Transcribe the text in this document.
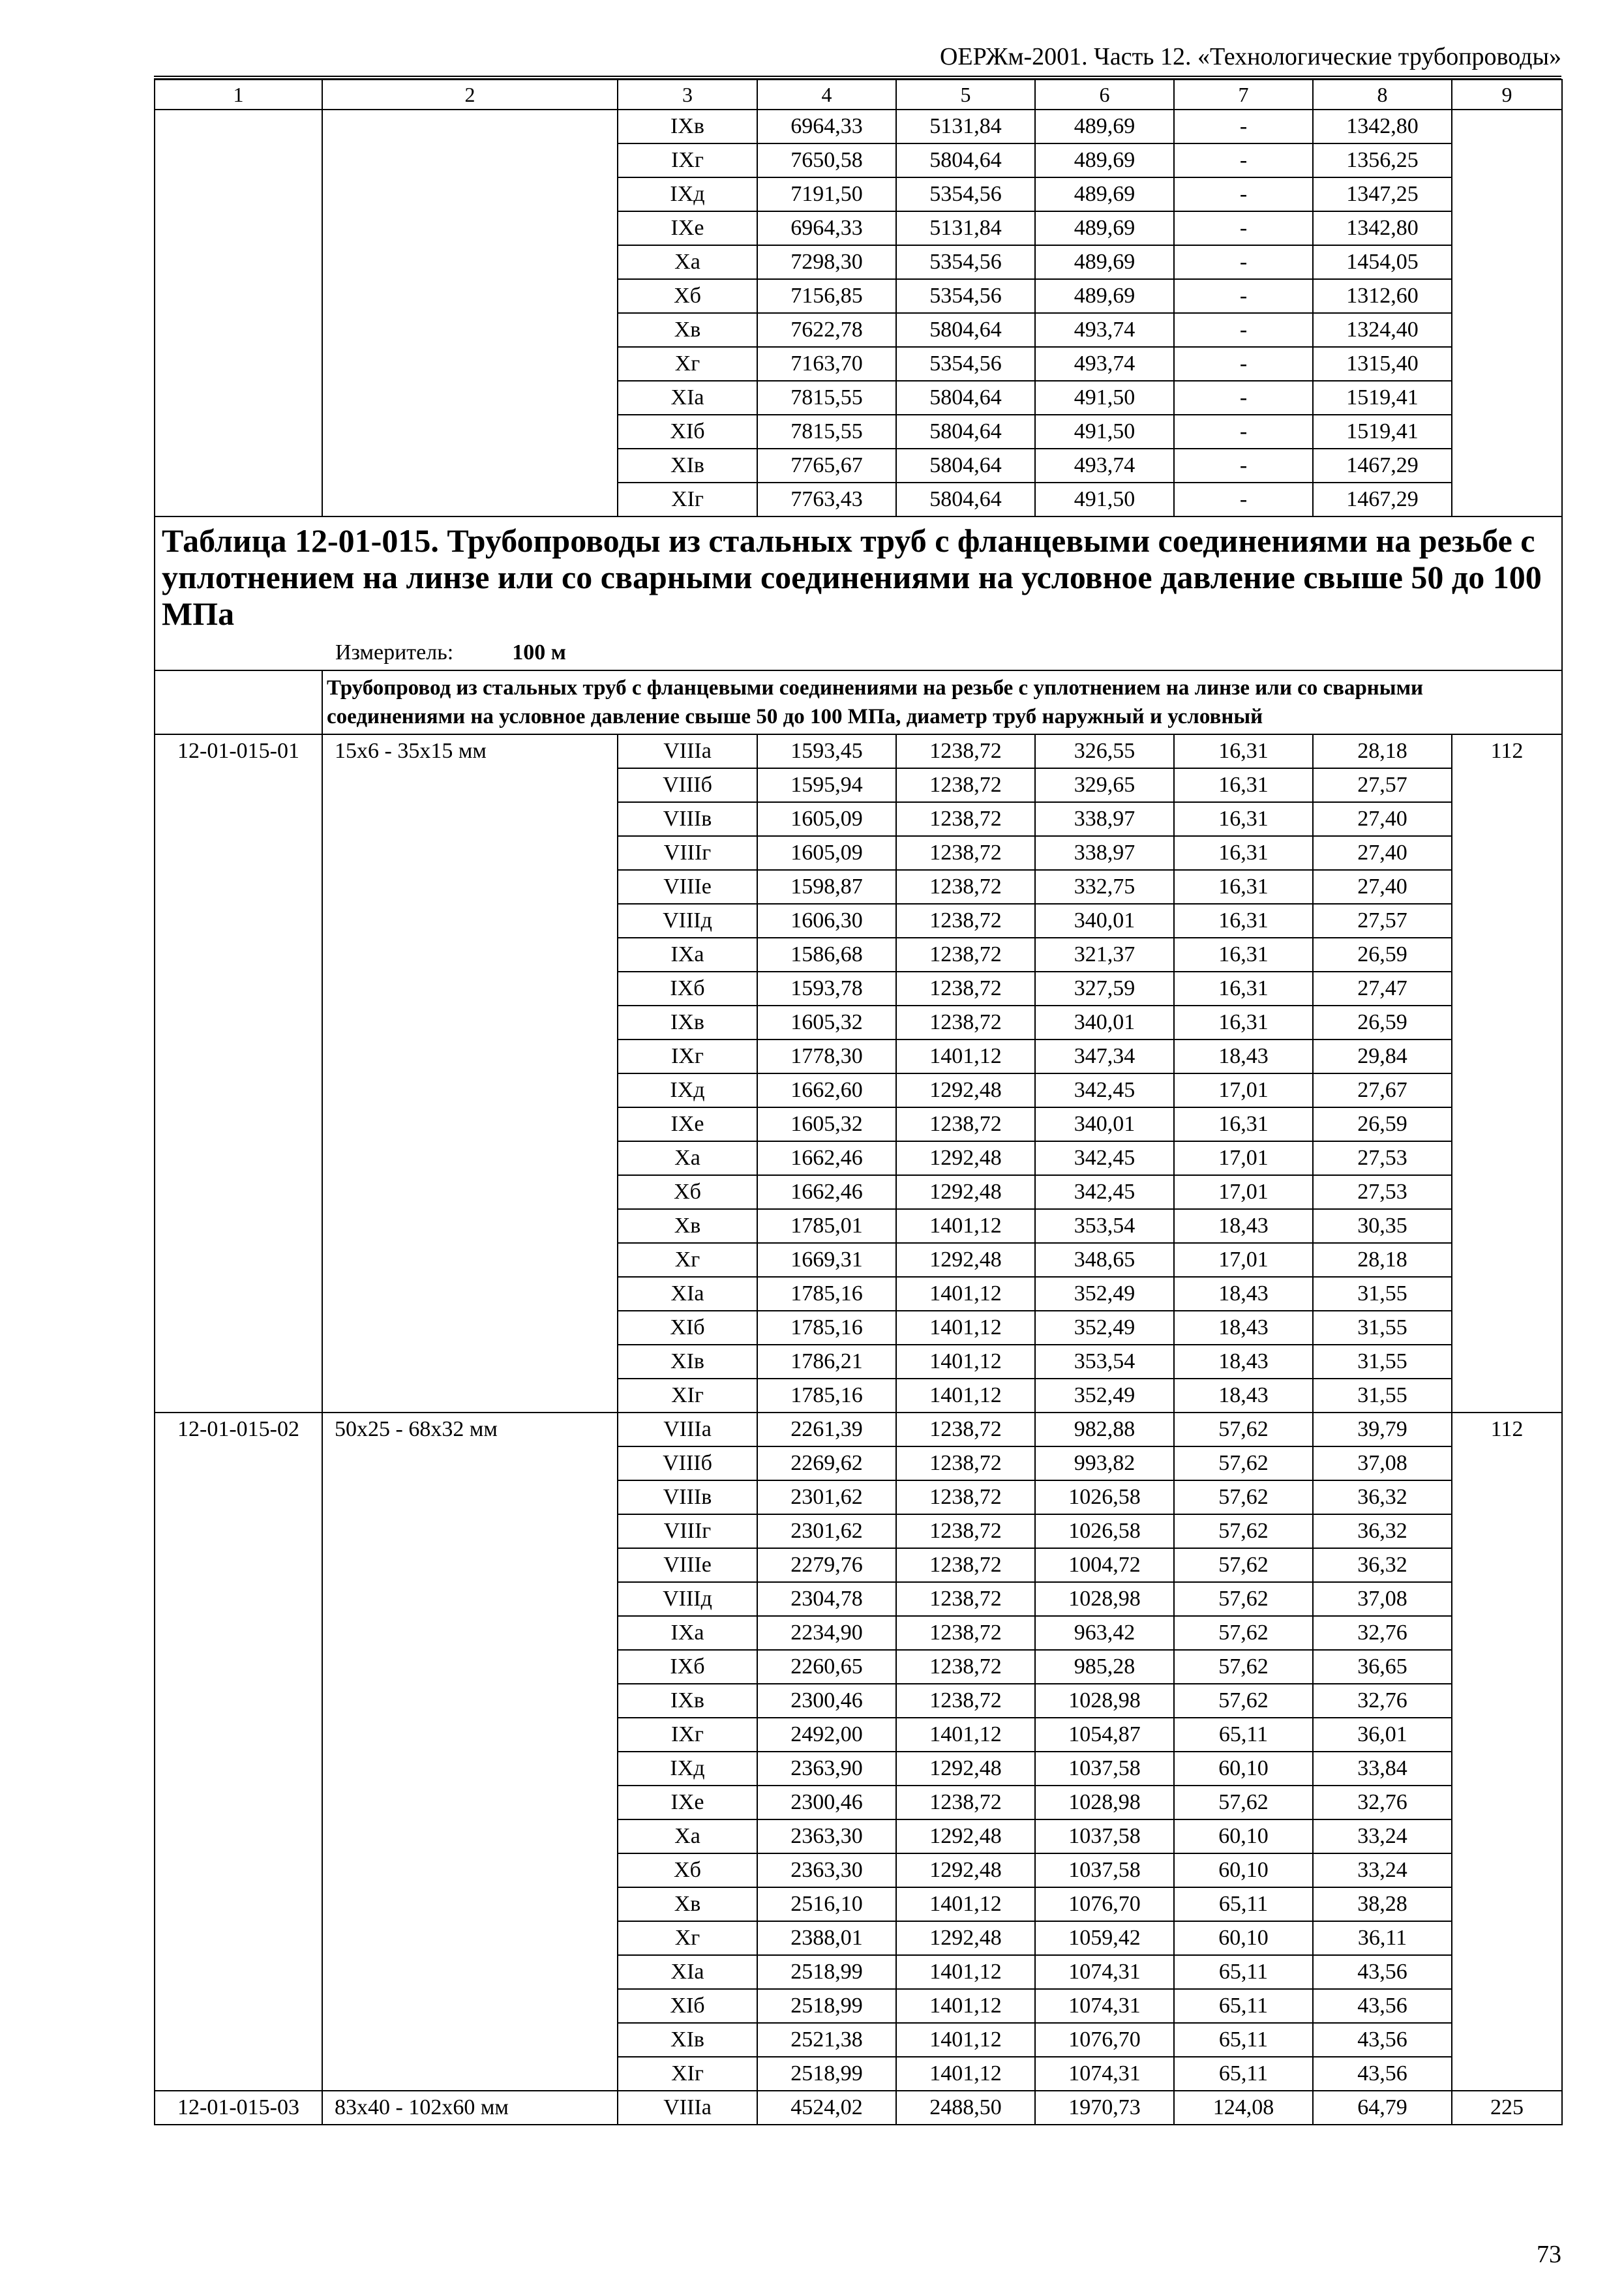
ОЕРЖм-2001. Часть 12. «Технологические трубопроводы»
1	2	3	4	5	6	7	8	9
		IXв	6964,33	5131,84	489,69	-	1342,80	
		IXг	7650,58	5804,64	489,69	-	1356,25	
		IXд	7191,50	5354,56	489,69	-	1347,25	
		IXе	6964,33	5131,84	489,69	-	1342,80	
		Xа	7298,30	5354,56	489,69	-	1454,05	
		Xб	7156,85	5354,56	489,69	-	1312,60	
		Xв	7622,78	5804,64	493,74	-	1324,40	
		Xг	7163,70	5354,56	493,74	-	1315,40	
		XIа	7815,55	5804,64	491,50	-	1519,41	
		XIб	7815,55	5804,64	491,50	-	1519,41	
		XIв	7765,67	5804,64	493,74	-	1467,29	
		XIг	7763,43	5804,64	491,50	-	1467,29	

Таблица 12-01-015. Трубопроводы из стальных труб с фланцевыми соединениями на резьбе с уплотнением на линзе или со сварными соединениями на условное давление свыше 50 до 100 МПа
Измеритель: 100 м								

	Трубопровод из стальных труб с фланцевыми соединениями на резьбе с уплотнением на линзе или со сварными соединениями на условное давление свыше 50 до 100 МПа, диаметр труб наружный и условный							
12-01-015-01	15х6 - 35х15 мм	VIIIа	1593,45	1238,72	326,55	16,31	28,18	112
		VIIIб	1595,94	1238,72	329,65	16,31	27,57	
		VIIIв	1605,09	1238,72	338,97	16,31	27,40	
		VIIIг	1605,09	1238,72	338,97	16,31	27,40	
		VIIIе	1598,87	1238,72	332,75	16,31	27,40	
		VIIIд	1606,30	1238,72	340,01	16,31	27,57	
		IXа	1586,68	1238,72	321,37	16,31	26,59	
		IXб	1593,78	1238,72	327,59	16,31	27,47	
		IXв	1605,32	1238,72	340,01	16,31	26,59	
		IXг	1778,30	1401,12	347,34	18,43	29,84	
		IXд	1662,60	1292,48	342,45	17,01	27,67	
		IXе	1605,32	1238,72	340,01	16,31	26,59	
		Xа	1662,46	1292,48	342,45	17,01	27,53	
		Xб	1662,46	1292,48	342,45	17,01	27,53	
		Xв	1785,01	1401,12	353,54	18,43	30,35	
		Xг	1669,31	1292,48	348,65	17,01	28,18	
		XIа	1785,16	1401,12	352,49	18,43	31,55	
		XIб	1785,16	1401,12	352,49	18,43	31,55	
		XIв	1786,21	1401,12	353,54	18,43	31,55	
		XIг	1785,16	1401,12	352,49	18,43	31,55	
12-01-015-02	50х25 - 68х32 мм	VIIIа	2261,39	1238,72	982,88	57,62	39,79	112
		VIIIб	2269,62	1238,72	993,82	57,62	37,08	
		VIIIв	2301,62	1238,72	1026,58	57,62	36,32	
		VIIIг	2301,62	1238,72	1026,58	57,62	36,32	
		VIIIе	2279,76	1238,72	1004,72	57,62	36,32	
		VIIIд	2304,78	1238,72	1028,98	57,62	37,08	
		IXа	2234,90	1238,72	963,42	57,62	32,76	
		IXб	2260,65	1238,72	985,28	57,62	36,65	
		IXв	2300,46	1238,72	1028,98	57,62	32,76	
		IXг	2492,00	1401,12	1054,87	65,11	36,01	
		IXд	2363,90	1292,48	1037,58	60,10	33,84	
		IXе	2300,46	1238,72	1028,98	57,62	32,76	
		Xа	2363,30	1292,48	1037,58	60,10	33,24	
		Xб	2363,30	1292,48	1037,58	60,10	33,24	
		Xв	2516,10	1401,12	1076,70	65,11	38,28	
		Xг	2388,01	1292,48	1059,42	60,10	36,11	
		XIа	2518,99	1401,12	1074,31	65,11	43,56	
		XIб	2518,99	1401,12	1074,31	65,11	43,56	
		XIв	2521,38	1401,12	1076,70	65,11	43,56	
		XIг	2518,99	1401,12	1074,31	65,11	43,56	
12-01-015-03	83х40 - 102х60 мм	VIIIа	4524,02	2488,50	1970,73	124,08	64,79	225
73
